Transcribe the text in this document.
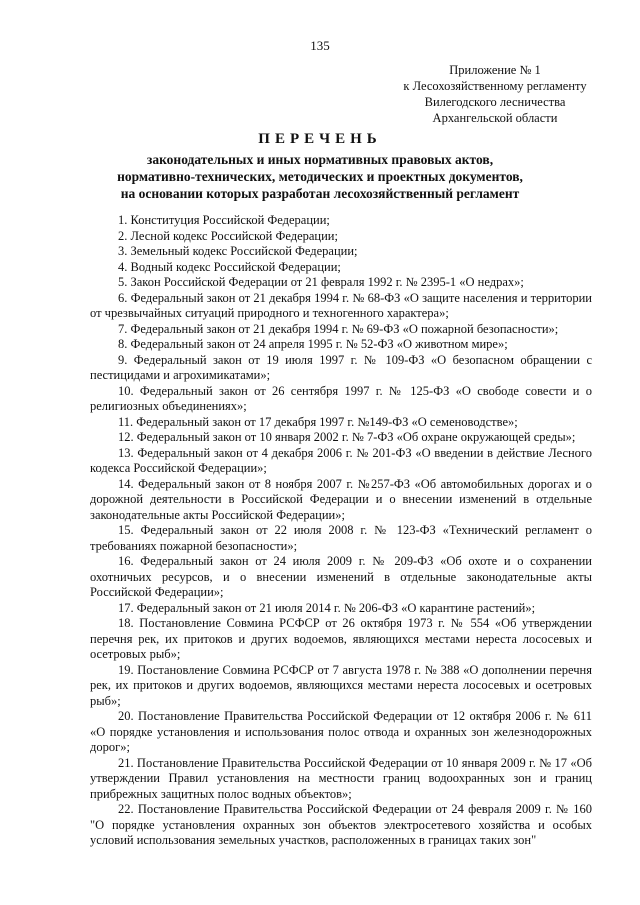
135
Приложение № 1
к Лесохозяйственному регламенту
Вилегодского лесничества
Архангельской области
ПЕРЕЧЕНЬ
законодательных и иных нормативных правовых актов,
нормативно-технических, методических и проектных документов,
на основании которых разработан лесохозяйственный регламент

1. Конституция Российской Федерации;

2. Лесной кодекс Российской Федерации;

3. Земельный кодекс Российской Федерации;

4. Водный кодекс Российской Федерации;

5. Закон Российской Федерации от 21 февраля 1992 г. № 2395-1 «О недрах»;

6. Федеральный закон от 21 декабря 1994 г. № 68-ФЗ «О защите населения и территории от чрезвычайных ситуаций природного и техногенного характера»;

7. Федеральный закон от 21 декабря 1994 г. № 69-ФЗ «О пожарной безопасности»;

8. Федеральный закон от 24 апреля 1995 г. № 52-ФЗ «О животном мире»;

9. Федеральный закон от 19 июля 1997 г. № 109-ФЗ «О безопасном обращении с пестицидами и агрохимикатами»;

10. Федеральный закон от 26 сентября 1997 г. № 125-ФЗ «О свободе совести и о религиозных объединениях»;

11. Федеральный закон от 17 декабря 1997 г. №149-ФЗ «О семеноводстве»;

12. Федеральный закон от 10 января 2002 г. № 7-ФЗ «Об охране окружающей среды»;

13. Федеральный закон от 4 декабря 2006 г. № 201-ФЗ «О введении в действие Лесного кодекса Российской Федерации»;

14. Федеральный закон от 8 ноября 2007 г. №257-ФЗ «Об автомобильных дорогах и о дорожной деятельности в Российской Федерации и о внесении изменений в отдельные законодательные акты Российской Федерации»;

15. Федеральный закон от 22 июля 2008 г. № 123-ФЗ «Технический регламент о требованиях пожарной безопасности»;

16. Федеральный закон от 24 июля 2009 г. № 209-ФЗ «Об охоте и о сохранении охотничьих ресурсов, и о внесении изменений в отдельные законодательные акты Российской Федерации»;

17. Федеральный закон от 21 июля 2014 г. № 206-ФЗ «О карантине растений»;

18. Постановление Совмина РСФСР от 26 октября 1973 г. № 554 «Об утверждении перечня рек, их притоков и других водоемов, являющихся местами нереста лососевых и осетровых рыб»;

19. Постановление Совмина РСФСР от 7 августа 1978 г. № 388 «О дополнении перечня рек, их притоков и других водоемов, являющихся местами нереста лососевых и осетровых рыб»;

20. Постановление Правительства Российской Федерации от 12 октября 2006 г. № 611 «О порядке установления и использования полос отвода и охранных зон железнодорожных дорог»;

21. Постановление Правительства Российской Федерации от 10 января 2009 г. № 17 «Об утверждении Правил установления на местности границ водоохранных зон и границ прибрежных защитных полос водных объектов»;

22. Постановление Правительства Российской Федерации от 24 февраля 2009 г. № 160 "О порядке установления охранных зон объектов электросетевого хозяйства и особых условий использования земельных участков, расположенных в границах таких зон"
